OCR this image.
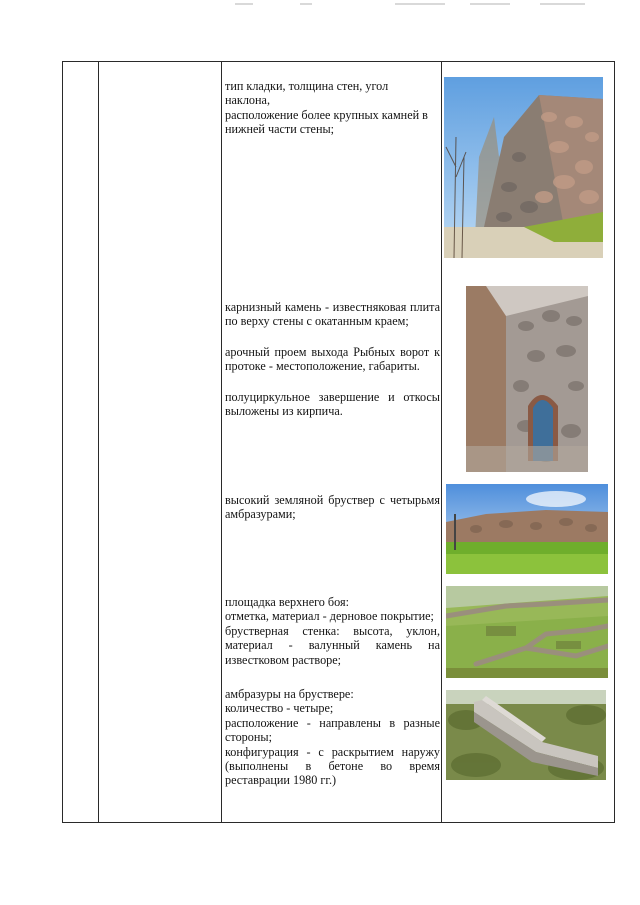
тип кладки, толщина стен, угол наклона,

расположение более крупных камней в нижней части стены;

карнизный камень - известняковая плита по верху стены с окатанным краем;

арочный проем выхода Рыбных ворот к протоке - местоположение, габариты.

полуциркульное завершение и откосы выложены из кирпича.

высокий земляной бруствер с четырьмя амбразурами;

площадка верхнего боя:

отметка, материал - дерновое покрытие;

брустверная стенка: высота, уклон, материал - валунный камень на известковом растворе;

амбразуры на бруствере:

количество - четыре;

расположение - направлены в разные стороны;

конфигурация - с раскрытием наружу (выполнены в бетоне во время реставрации 1980 гг.)
